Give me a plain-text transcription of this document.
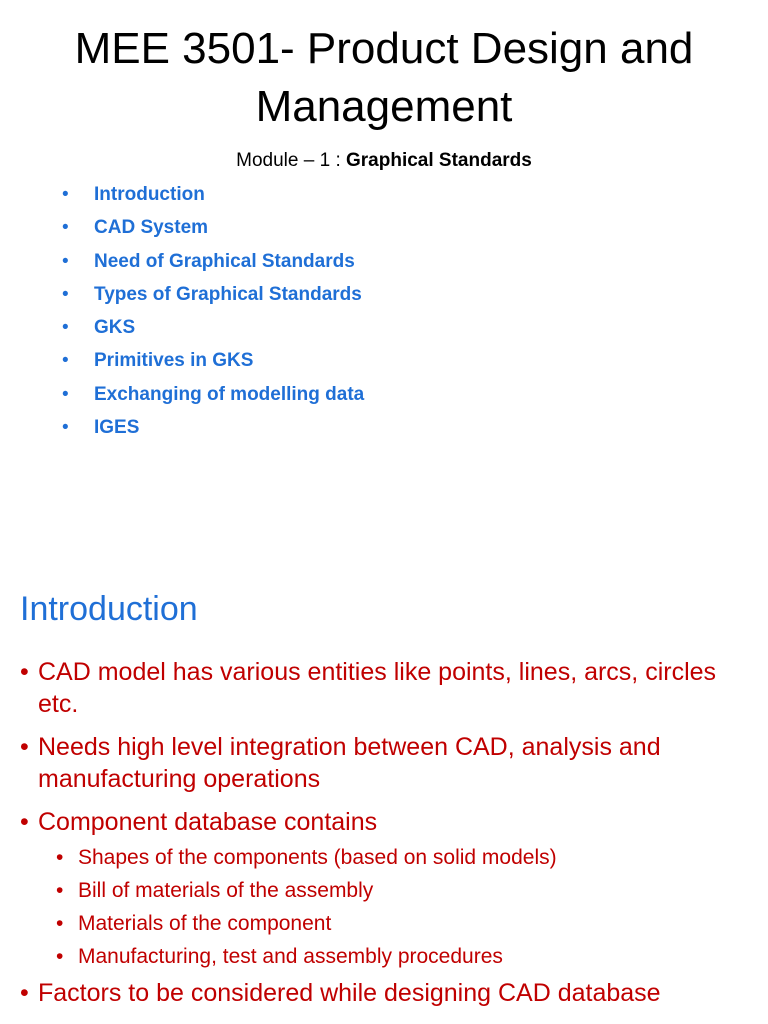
MEE 3501- Product Design and Management
Module – 1 : Graphical Standards
•	Introduction
•	CAD System
•	Need of Graphical Standards
•	Types of Graphical Standards
•	GKS
•	Primitives in GKS
•	Exchanging of modelling data
•	IGES
Introduction
• CAD model has various entities like points, lines, arcs, circles etc.
• Needs high level integration between CAD, analysis and manufacturing operations
• Component database contains
• Shapes of the components (based on solid models)
• Bill of materials of the assembly
• Materials of the component
• Manufacturing, test and assembly procedures
• Factors to be considered while designing CAD database
